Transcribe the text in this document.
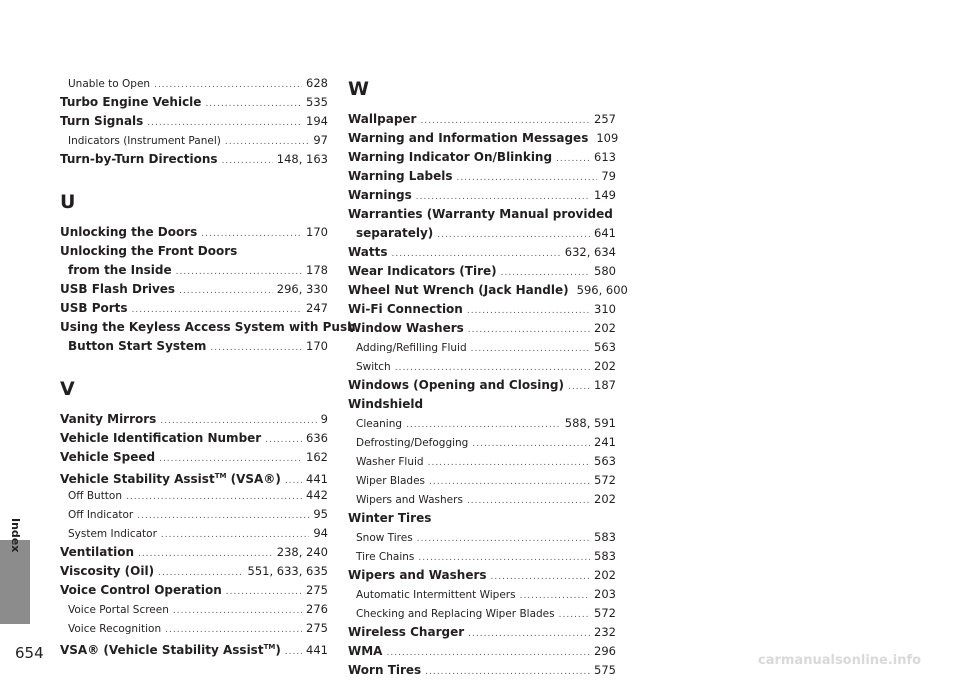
Index
654
Unable to Open .....	628
Turbo Engine Vehicle .....	535
Turn Signals .....	194
Indicators (Instrument Panel) .....	97
Turn-by-Turn Directions .....	148, 163
U
Unlocking the Doors .....	170
Unlocking the Front Doors
from the Inside .....	178
USB Flash Drives .....	296, 330
USB Ports .....	247
Using the Keyless Access System with Push
Button Start System .....	170
V
Vanity Mirrors .....	9
Vehicle Identification Number .....	636
Vehicle Speed .....	162
Vehicle Stability Assist™ (VSA®) ..... 441
Off Button .....	442
Off Indicator .....	95
System Indicator .....	94
Ventilation .....	238, 240
Viscosity (Oil) .....	551, 633, 635
Voice Control Operation .....	275
Voice Portal Screen .....	276
Voice Recognition .....	275
VSA® (Vehicle Stability Assist™) ..... 441
W
Wallpaper .....	257
Warning and Information Messages 109
Warning Indicator On/Blinking .....	613
Warning Labels .....	79
Warnings .....	149
Warranties (Warranty Manual provided
separately) .....	641
Watts .....	632, 634
Wear Indicators (Tire) .....	580
Wheel Nut Wrench (Jack Handle) 596, 600
Wi-Fi Connection .....	310
Window Washers .....	202
Adding/Refilling Fluid .....	563
Switch .....	202
Windows (Opening and Closing) .....	187
Windshield
Cleaning .....	588, 591
Defrosting/Defogging .....	241
Washer Fluid .....	563
Wiper Blades .....	572
Wipers and Washers .....	202
Winter Tires
Snow Tires .....	583
Tire Chains .....	583
Wipers and Washers .....	202
Automatic Intermittent Wipers .....	203
Checking and Replacing Wiper Blades .....	572
Wireless Charger .....	232
WMA .....	296
Worn Tires .....	575
carmanualsonline.info
